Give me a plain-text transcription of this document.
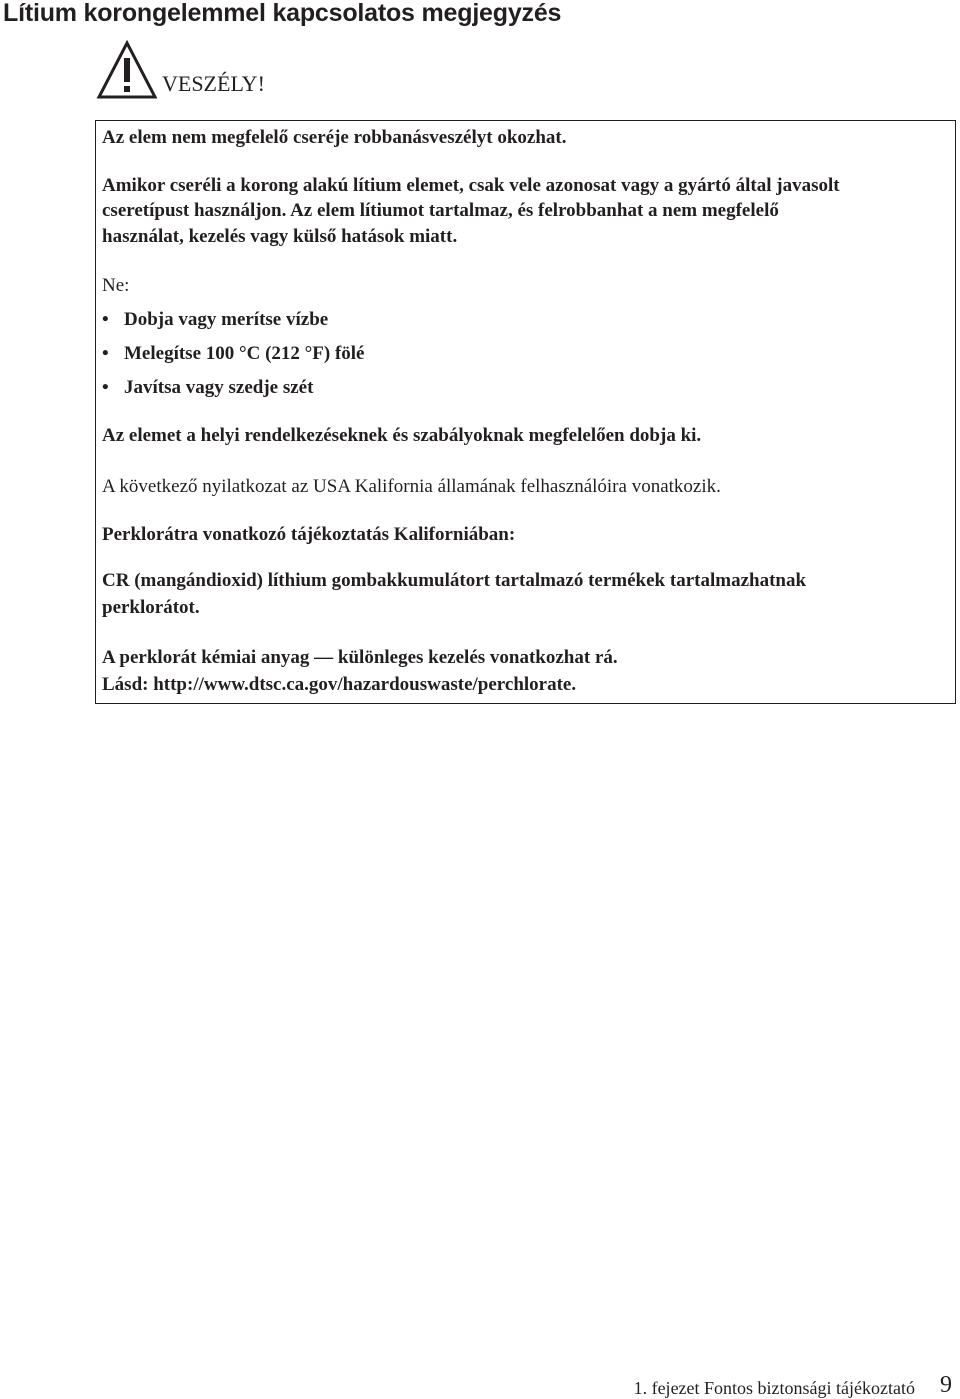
Lítium korongelemmel kapcsolatos megjegyzés
VESZÉLY!

Az elem nem megfelelő cseréje robbanásveszélyt okozhat.

Amikor cseréli a korong alakú lítium elemet, csak vele azonosat vagy a gyártó által javasolt

cseretípust használjon. Az elem lítiumot tartalmaz, és felrobbanhat a nem megfelelő

használat, kezelés vagy külső hatások miatt.

Ne:

• Dobja vagy merítse vízbe
• Melegítse 100 °C (212 °F) fölé
• Javítsa vagy szedje szét

Az elemet a helyi rendelkezéseknek és szabályoknak megfelelően dobja ki.

A következő nyilatkozat az USA Kalifornia államának felhasználóira vonatkozik.

Perklorátra vonatkozó tájékoztatás Kaliforniában:

CR (mangándioxid) líthium gombakkumulátort tartalmazó termékek tartalmazhatnak

perklorátot.

A perklorát kémiai anyag — különleges kezelés vonatkozhat rá.

Lásd: http://www.dtsc.ca.gov/hazardouswaste/perchlorate.

1. fejezet Fontos biztonsági tájékoztató 9
